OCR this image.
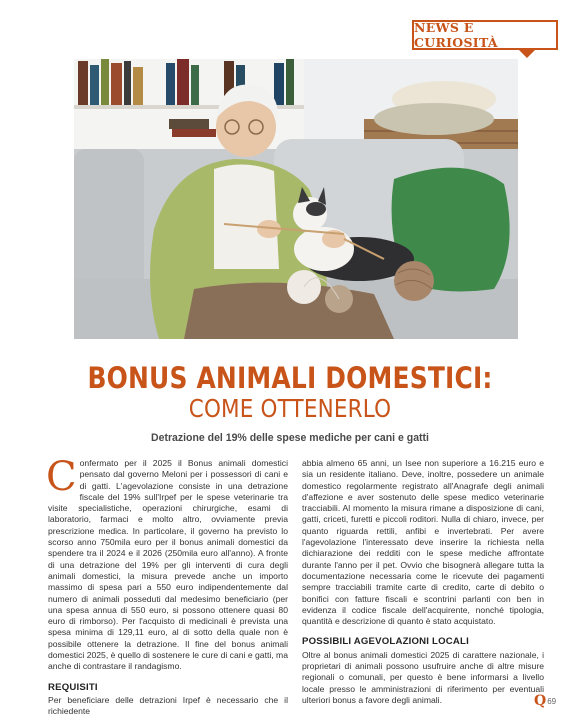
NEWS E CURIOSITÀ
BONUS ANIMALI DOMESTICI:
COME OTTENERLO
Detrazione del 19% delle spese mediche per cani e gatti

Confermato per il 2025 il Bonus animali domestici pensato dal governo Meloni per i possessori di cani e di gatti. L'agevolazione consiste in una detrazione fiscale del 19% sull'Irpef per le spese veterinarie tra visite specialistiche, operazioni chirurgiche, esami di laboratorio, farmaci e molto altro, ovviamente previa prescrizione medica. In particolare, il governo ha previsto lo scorso anno 750mila euro per il bonus animali domestici da spendere tra il 2024 e il 2026 (250mila euro all'anno). A fronte di una detrazione del 19% per gli interventi di cura degli animali domestici, la misura prevede anche un importo massimo di spesa pari a 550 euro indipendentemente dal numero di animali posseduti dal medesimo beneficiario (per una spesa annua di 550 euro, si possono ottenere quasi 80 euro di rimborso). Per l'acquisto di medicinali è prevista una spesa minima di 129,11 euro, al di sotto della quale non è possibile ottenere la detrazione. Il fine del bonus animali domestici 2025, è quello di sostenere le cure di cani e gatti, ma anche di contrastare il randagismo.

REQUISITI

Per beneficiare delle detrazioni Irpef è necessario che il richiedente

abbia almeno 65 anni, un Isee non superiore a 16.215 euro e sia un residente italiano. Deve, inoltre, possedere un animale domestico regolarmente registrato all'Anagrafe degli animali d'affezione e aver sostenuto delle spese medico veterinarie tracciabili. Al momento la misura rimane a disposizione di cani, gatti, criceti, furetti e piccoli roditori. Nulla di chiaro, invece, per quanto riguarda rettili, anfibi e invertebrati. Per avere l'agevolazione l'interessato deve inserire la richiesta nella dichiarazione dei redditi con le spese mediche affrontate durante l'anno per il pet. Ovvio che bisognerà allegare tutta la documentazione necessaria come le ricevute dei pagamenti sempre tracciabili tramite carte di credito, carte di debito o bonifici con fatture fiscali e scontrini parlanti con ben in evidenza il codice fiscale dell'acquirente, nonché tipologia, quantità e descrizione di quanto è stato acquistato.

POSSIBILI AGEVOLAZIONI LOCALI

Oltre al bonus animali domestici 2025 di carattere nazionale, i proprietari di animali possono usufruire anche di altre misure regionali o comunali, per questo è bene informarsi a livello locale presso le amministrazioni di riferimento per eventuali ulteriori bonus a favore degli animali.	Q 69
